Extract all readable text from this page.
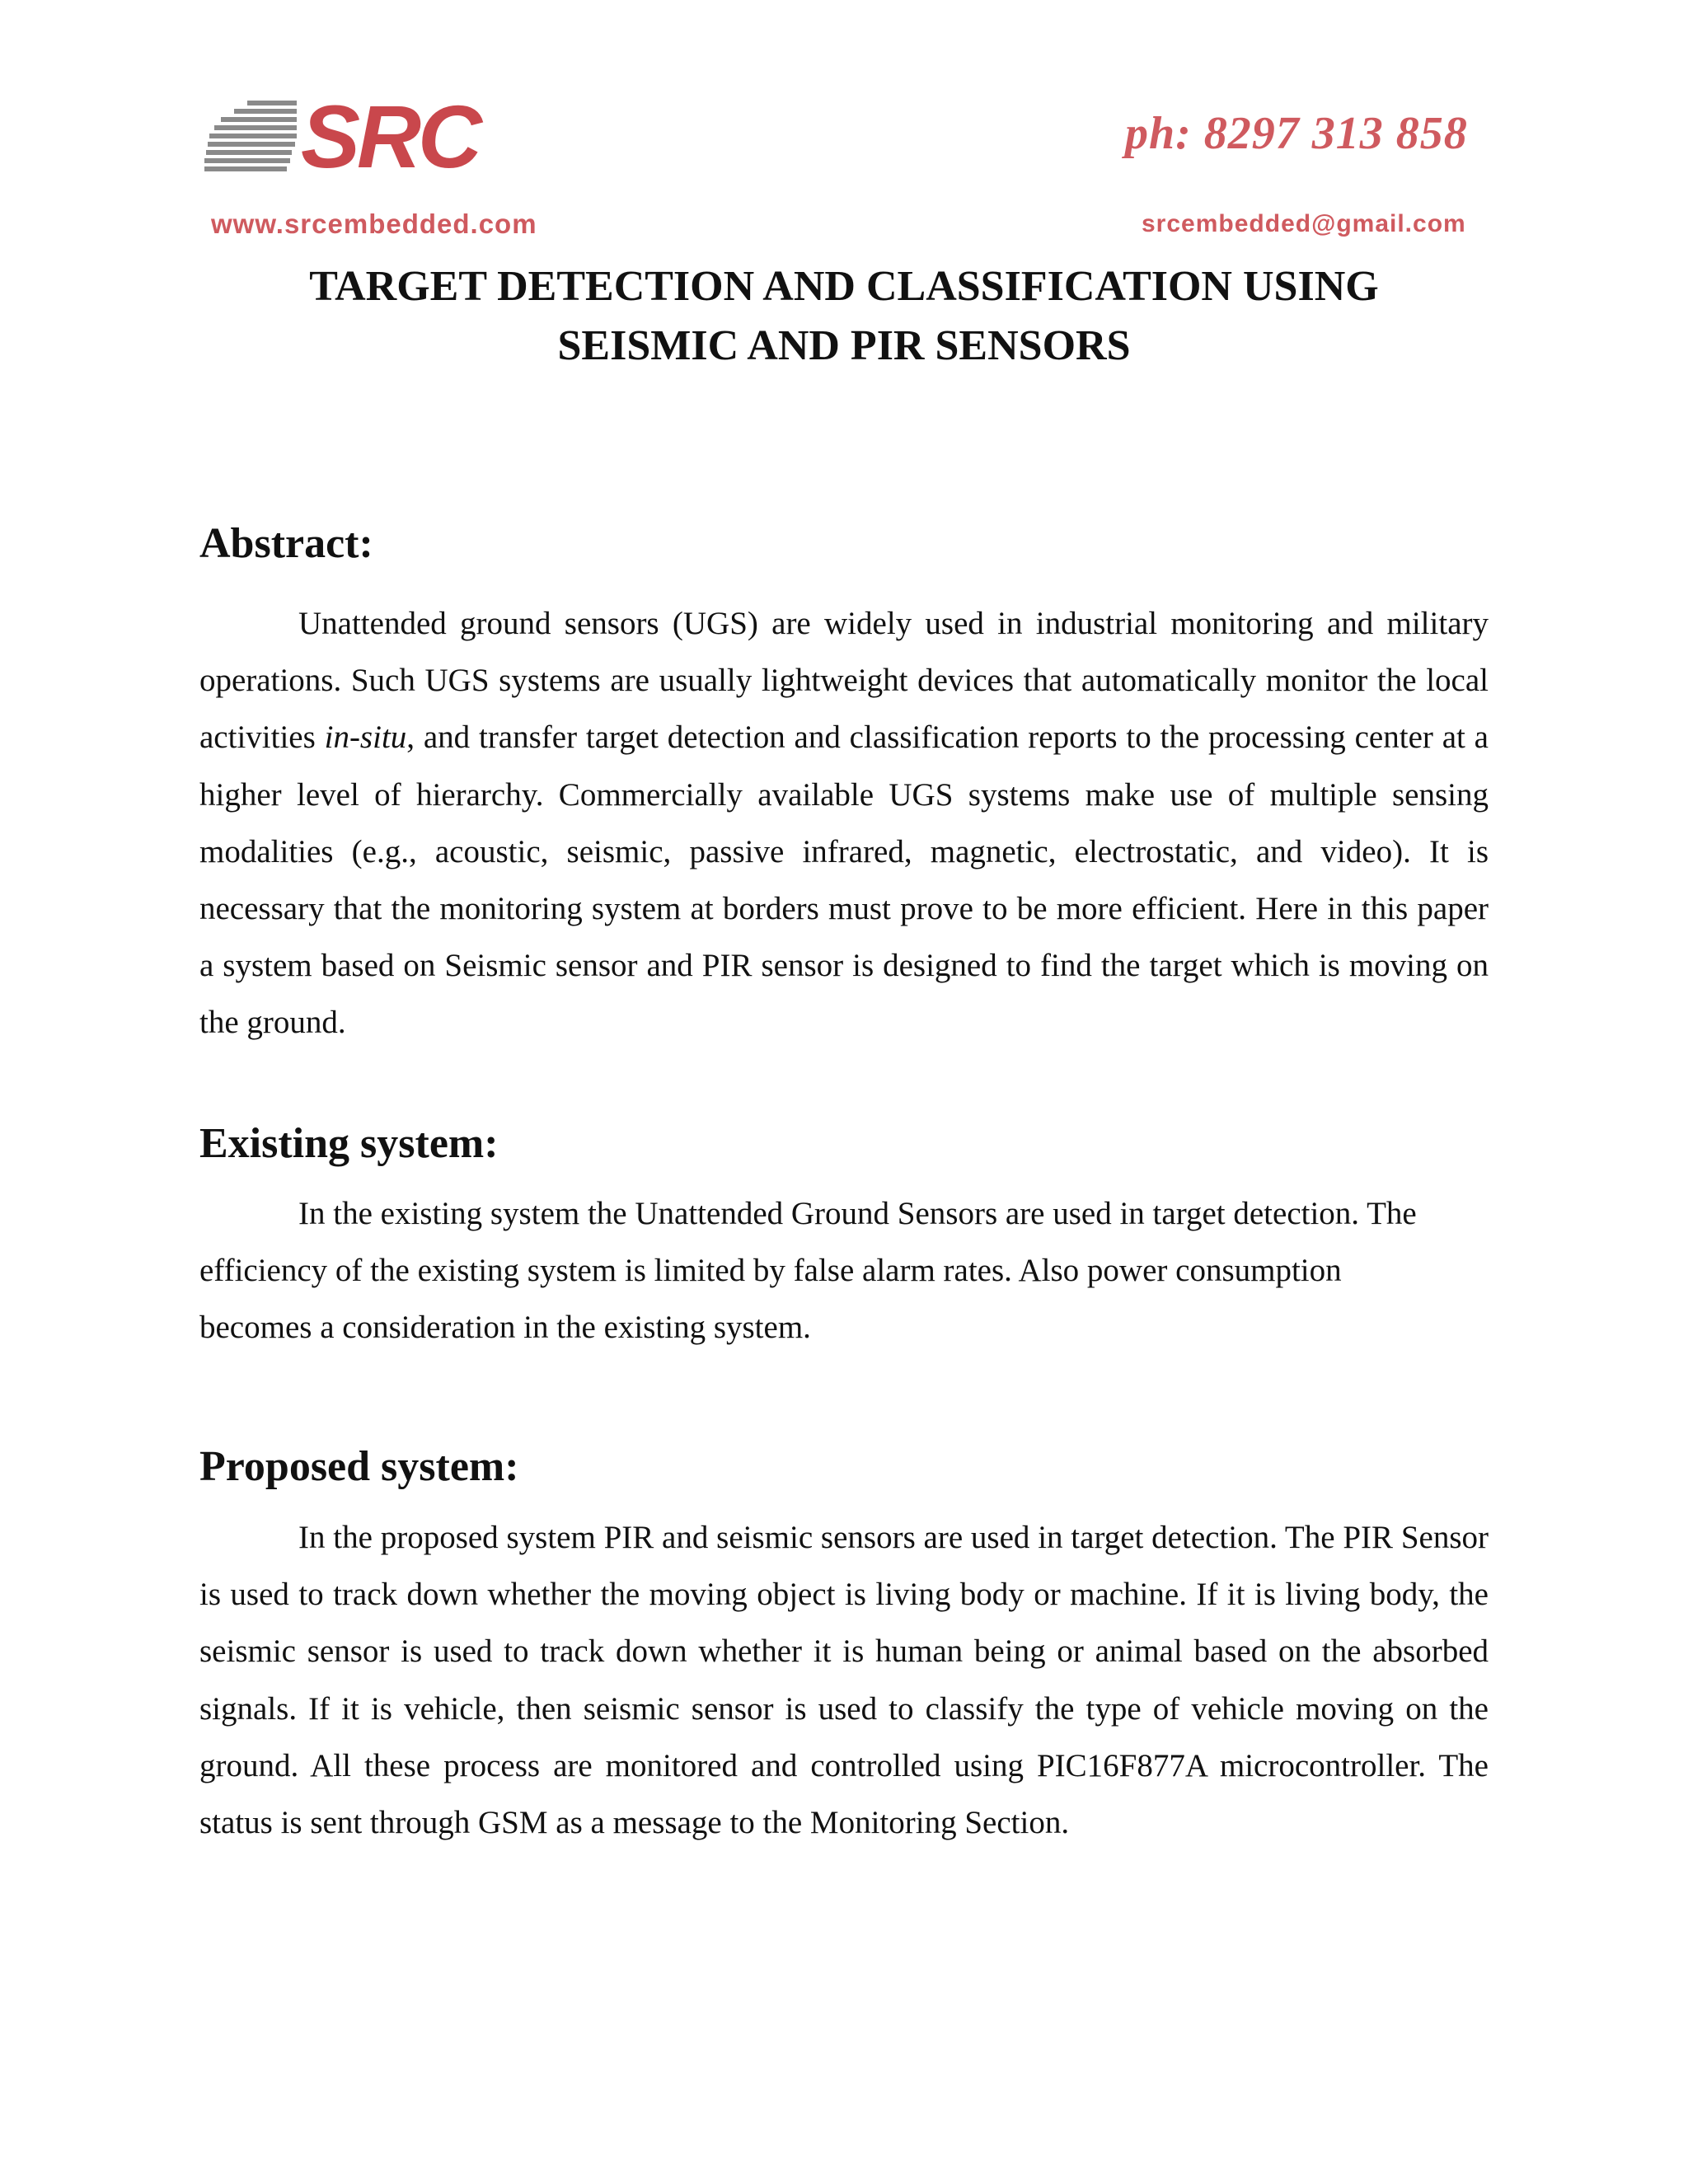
SRC	ph: 8297 313 858
www.srcembedded.com	srcembedded@gmail.com
TARGET DETECTION AND CLASSIFICATION USING
SEISMIC AND PIR SENSORS
Abstract:

Unattended ground sensors (UGS) are widely used in industrial monitoring and military operations. Such UGS systems are usually lightweight devices that automatically monitor the local activities in-situ, and transfer target detection and classification reports to the processing center at a higher level of hierarchy. Commercially available UGS systems make use of multiple sensing modalities (e.g., acoustic, seismic, passive infrared, magnetic, electrostatic, and video). It is necessary that the monitoring system at borders must prove to be more efficient. Here in this paper a system based on Seismic sensor and PIR sensor is designed to find the target which is moving on the ground.

Existing system:
In the existing system the Unattended Ground Sensors are used in target detection. The
efficiency of the existing system is limited by false alarm rates. Also power consumption
becomes a consideration in the existing system.
Proposed system:

In the proposed system PIR and seismic sensors are used in target detection. The PIR Sensor is used to track down whether the moving object is living body or machine. If it is living body, the seismic sensor is used to track down whether it is human being or animal based on the absorbed signals. If it is vehicle, then seismic sensor is used to classify the type of vehicle moving on the ground. All these process are monitored and controlled using PIC16F877A microcontroller. The status is sent through GSM as a message to the Monitoring Section.
